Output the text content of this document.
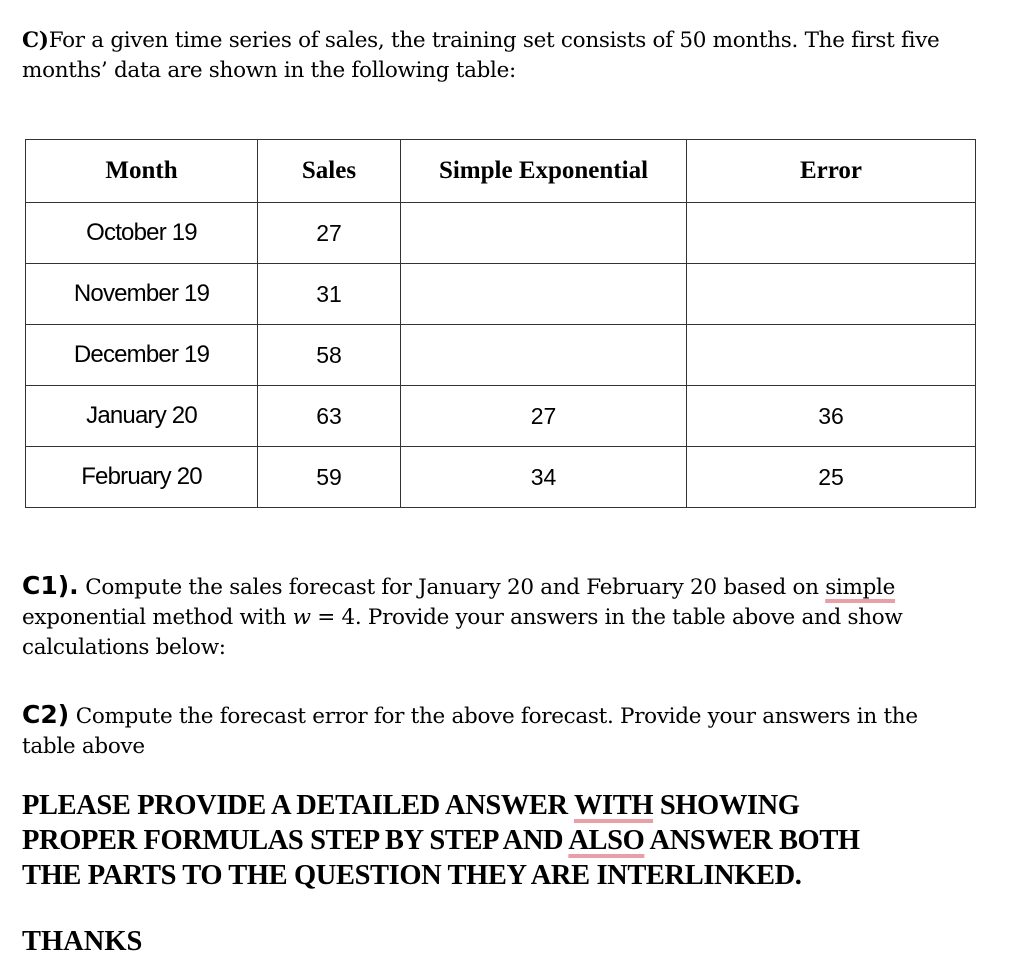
C)For a given time series of sales, the training set consists of 50 months. The first five
months’ data are shown in the following table:
Month	Sales	Simple Exponential	Error
October 19	27		
November 19	31		
December 19	58		
January 20	63	27	36
February 20	59	34	25
C1). Compute the sales forecast for January 20 and February 20 based on simple
exponential method with w = 4. Provide your answers in the table above and show
calculations below:
C2) Compute the forecast error for the above forecast. Provide your answers in the
table above
PLEASE PROVIDE A DETAILED ANSWER WITH SHOWING
PROPER FORMULAS STEP BY STEP AND ALSO ANSWER BOTH
THE PARTS TO THE QUESTION THEY ARE INTERLINKED.
THANKS
